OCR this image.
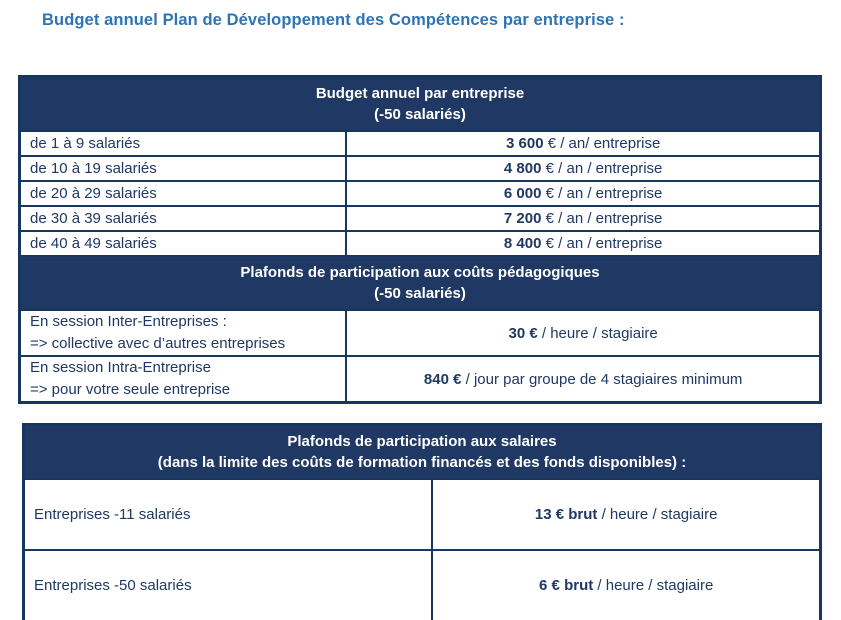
Budget annuel Plan de Développement des Compétences par entreprise :
Budget annuel par entreprise
(-50 salariés)	

de 1 à 9 salariés	3 600 € / an/ entreprise
de 10 à 19 salariés	4 800 € / an / entreprise
de 20 à 29 salariés	6 000 € / an / entreprise
de 30 à 39 salariés	7 200 € / an / entreprise
de 40 à 49 salariés	8 400 € / an / entreprise

Plafonds de participation aux coûts pédagogiques
(-50 salariés)	

En session Inter-Entreprises :
=> collective avec d’autres entreprises	30 € / heure / stagiaire

En session Intra-Entreprise
=> pour votre seule entreprise	840 € / jour par groupe de 4 stagiaires minimum
Plafonds de participation aux salaires
(dans la limite des coûts de formation financés et des fonds disponibles) :	

Entreprises -11 salariés	13 € brut / heure / stagiaire
Entreprises -50 salariés	6 € brut / heure / stagiaire
